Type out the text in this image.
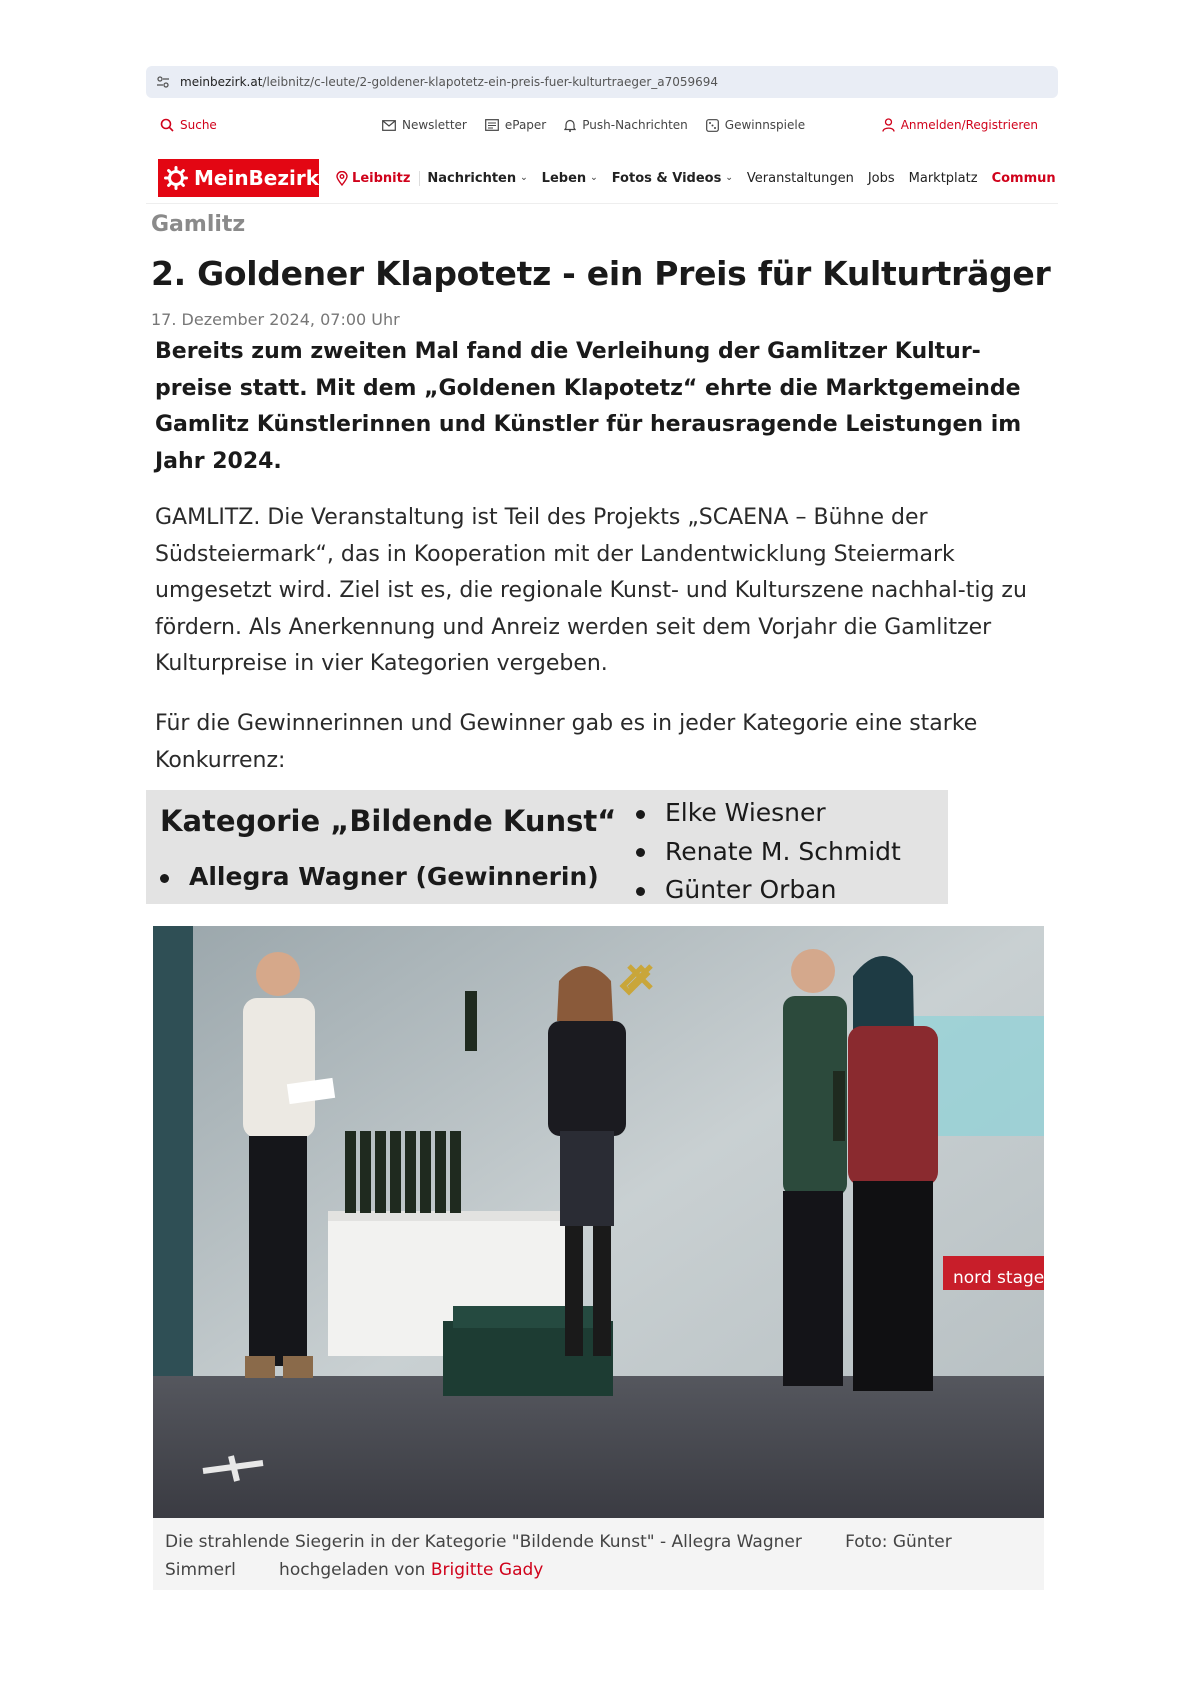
meinbezirk.at /leibnitz/c-leute/2-goldener-klapotetz-ein-preis-fuer-kulturtraeger_a7059694
Suche	Newsletter	ePaper	Push-Nachrichten	Gewinnspiele	Anmelden/Registrieren
MeinBezirk	Leibnitz Nachrichten ⌄ Leben ⌄ Fotos & Videos ⌄	Veranstaltungen	Jobs	Marktplatz	Commun
Gamlitz
2. Goldener Klapotetz - ein Preis für Kulturträger
17. Dezember 2024, 07:00 Uhr

Bereits zum zweiten Mal fand die Verleihung der Gamlitzer Kultur-preise statt. Mit dem „Goldenen Klapotetz“ ehrte die Marktgemeinde Gamlitz Künstlerinnen und Künstler für herausragende Leistungen im Jahr 2024.

GAMLITZ. Die Veranstaltung ist Teil des Projekts „SCAENA – Bühne der Südsteiermark“, das in Kooperation mit der Landentwicklung Steiermark umgesetzt wird. Ziel ist es, die regionale Kunst- und Kulturszene nachhal-tig zu fördern. Als Anerkennung und Anreiz werden seit dem Vorjahr die Gamlitzer Kulturpreise in vier Kategorien vergeben.

Für die Gewinnerinnen und Gewinner gab es in jeder Kategorie eine starke Konkurrenz:

Kategorie „Bildende Kunst“
Allegra Wagner (Gewinnerin)
Elke Wiesner
Renate M. Schmidt
Günter Orban
nord stage
Die strahlende Siegerin in der Kategorie "Bildende Kunst" - Allegra Wagner	Foto: Günter Simmerl	hochgeladen von Brigitte Gady
